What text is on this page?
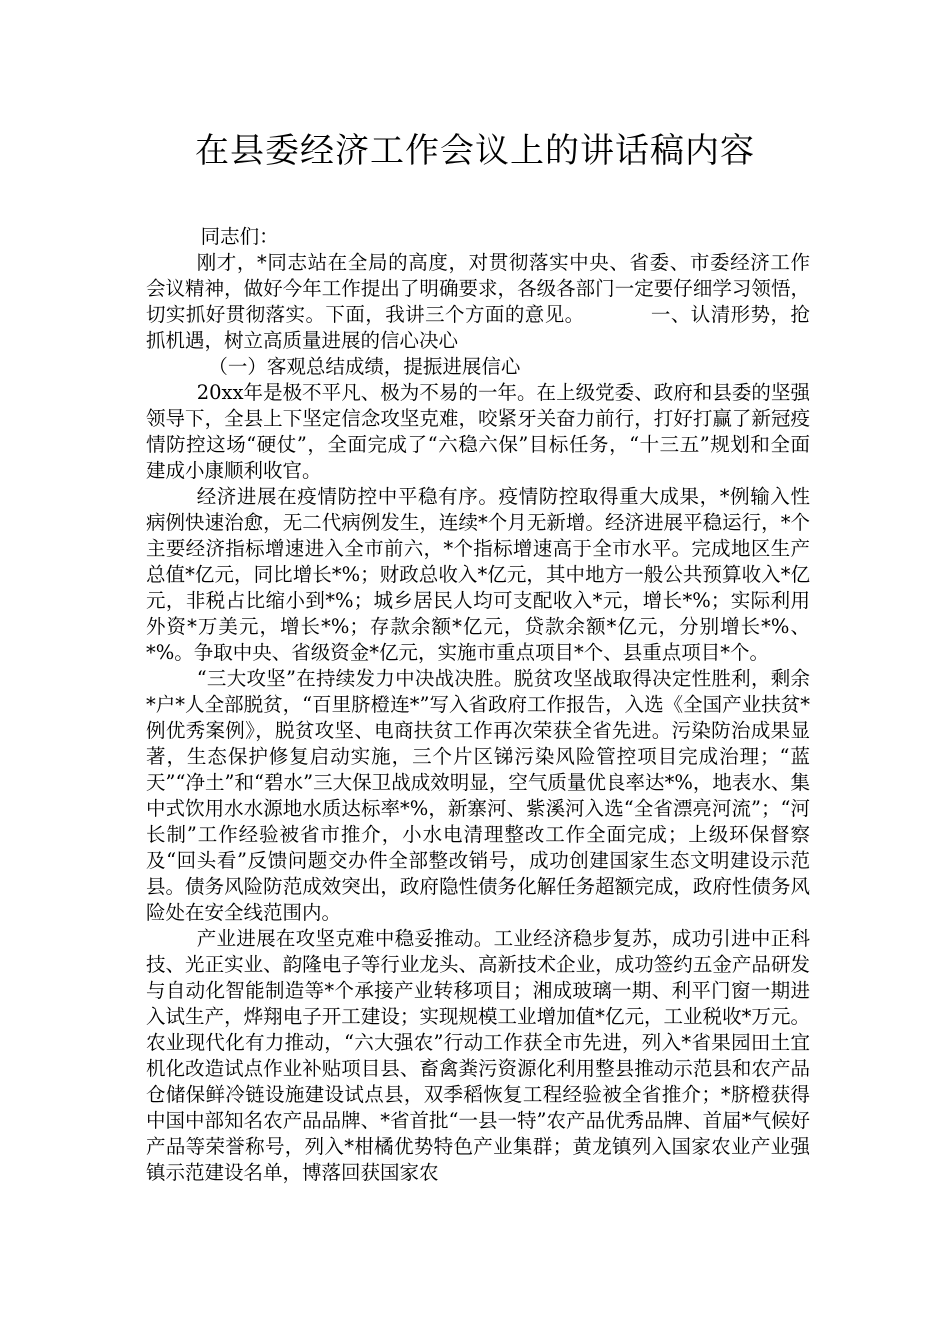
在县委经济工作会议上的讲话稿内容

同志们：

刚才，*同志站在全局的高度，对贯彻落实中央、省委、市委经济工作会议精神，做好今年工作提出了明确要求，各级各部门一定要仔细学习领悟，切实抓好贯彻落实。下面，我讲三个方面的意见。	一、认清形势，抢抓机遇，树立高质量进展的信心决心

（一）客观总结成绩，提振进展信心

20xx年是极不平凡、极为不易的一年。在上级党委、政府和县委的坚强领导下，全县上下坚定信念攻坚克难，咬紧牙关奋力前行，打好打赢了新冠疫情防控这场“硬仗”，全面完成了“六稳六保”目标任务，“十三五”规划和全面建成小康顺利收官。

经济进展在疫情防控中平稳有序。疫情防控取得重大成果，*例输入性病例快速治愈，无二代病例发生，连续*个月无新增。经济进展平稳运行，*个主要经济指标增速进入全市前六，*个指标增速高于全市水平。完成地区生产总值*亿元，同比增长*%；财政总收入*亿元，其中地方一般公共预算收入*亿元，非税占比缩小到*%；城乡居民人均可支配收入*元，增长*%；实际利用外资*万美元，增长*%；存款余额*亿元，贷款余额*亿元，分别增长*%、*%。争取中央、省级资金*亿元，实施市重点项目*个、县重点项目*个。

“三大攻坚”在持续发力中决战决胜。脱贫攻坚战取得决定性胜利，剩余*户*人全部脱贫，“百里脐橙连*”写入省政府工作报告，入选《全国产业扶贫*例优秀案例》，脱贫攻坚、电商扶贫工作再次荣获全省先进。污染防治成果显著，生态保护修复启动实施，三个片区锑污染风险管控项目完成治理；“蓝天”“净土”和“碧水”三大保卫战成效明显，空气质量优良率达*%，地表水、集中式饮用水水源地水质达标率*%，新寨河、紫溪河入选“全省漂亮河流”；“河长制”工作经验被省市推介，小水电清理整改工作全面完成；上级环保督察及“回头看”反馈问题交办件全部整改销号，成功创建国家生态文明建设示范县。债务风险防范成效突出，政府隐性债务化解任务超额完成，政府性债务风险处在安全线范围内。

产业进展在攻坚克难中稳妥推动。工业经济稳步复苏，成功引进中正科技、光正实业、韵隆电子等行业龙头、高新技术企业，成功签约五金产品研发与自动化智能制造等*个承接产业转移项目；湘成玻璃一期、利平门窗一期进入试生产，烨翔电子开工建设；实现规模工业增加值*亿元，工业税收*万元。农业现代化有力推动，“六大强农”行动工作获全市先进，列入*省果园田土宜机化改造试点作业补贴项目县、畜禽粪污资源化利用整县推动示范县和农产品仓储保鲜冷链设施建设试点县，双季稻恢复工程经验被全省推介；*脐橙获得中国中部知名农产品品牌、*省首批“一县一特”农产品优秀品牌、首届*气候好产品等荣誉称号，列入*柑橘优势特色产业集群；黄龙镇列入国家农业产业强镇示范建设名单，博落回获国家农
